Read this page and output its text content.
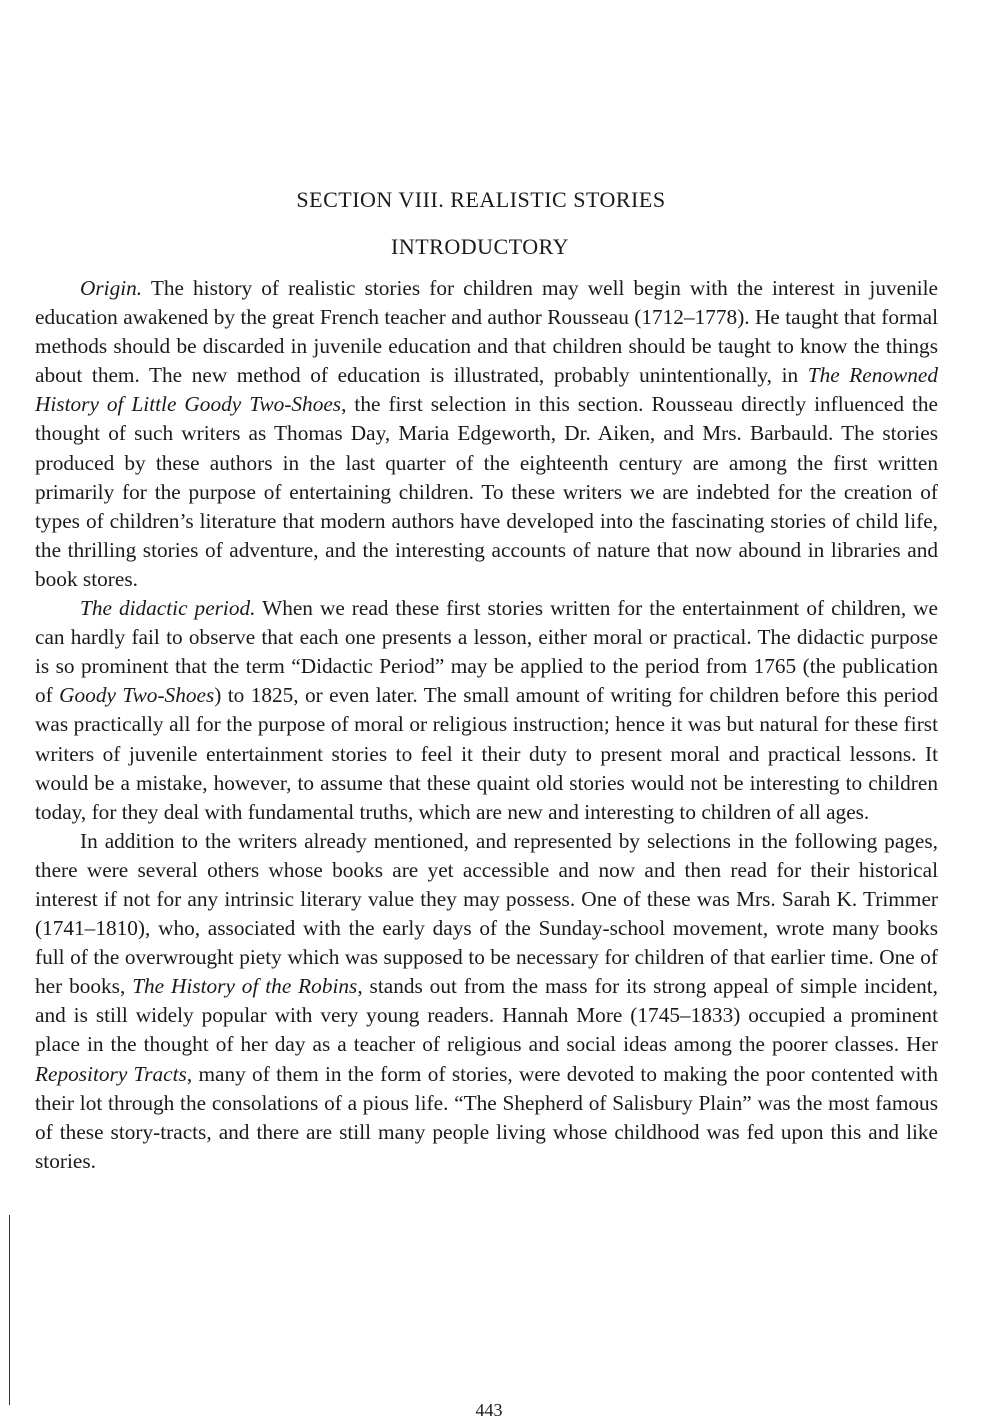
SECTION VIII. REALISTIC STORIES
INTRODUCTORY

Origin. The history of realistic stories for children may well begin with the interest in juvenile education awakened by the great French teacher and author Rousseau (1712–1778). He taught that formal methods should be discarded in juvenile education and that children should be taught to know the things about them. The new method of education is illustrated, probably unintentionally, in The Renowned History of Little Goody Two-Shoes, the first selection in this section. Rousseau directly influenced the thought of such writers as Thomas Day, Maria Edgeworth, Dr. Aiken, and Mrs. Barbauld. The stories produced by these authors in the last quarter of the eighteenth century are among the first written primarily for the purpose of entertaining children. To these writers we are indebted for the creation of types of children’s literature that modern authors have developed into the fascinating stories of child life, the thrilling stories of adventure, and the interesting accounts of nature that now abound in libraries and book stores.

The didactic period. When we read these first stories written for the entertainment of children, we can hardly fail to observe that each one presents a lesson, either moral or practical. The didactic purpose is so prominent that the term “Didactic Period” may be applied to the period from 1765 (the publication of Goody Two-Shoes) to 1825, or even later. The small amount of writing for children before this period was practically all for the purpose of moral or religious instruction; hence it was but natural for these first writers of juvenile entertainment stories to feel it their duty to present moral and practical lessons. It would be a mistake, however, to assume that these quaint old stories would not be interesting to children today, for they deal with fundamental truths, which are new and interesting to children of all ages.

In addition to the writers already mentioned, and represented by selections in the following pages, there were several others whose books are yet accessible and now and then read for their historical interest if not for any intrinsic literary value they may possess. One of these was Mrs. Sarah K. Trimmer (1741–1810), who, associated with the early days of the Sunday-school movement, wrote many books full of the overwrought piety which was supposed to be necessary for children of that earlier time. One of her books, The History of the Robins, stands out from the mass for its strong appeal of simple incident, and is still widely popular with very young readers. Hannah More (1745–1833) occupied a prominent place in the thought of her day as a teacher of religious and social ideas among the poorer classes. Her Repository Tracts, many of them in the form of stories, were devoted to making the poor contented with their lot through the consolations of a pious life. “The Shepherd of Salisbury Plain” was the most famous of these story-tracts, and there are still many people living whose childhood was fed upon this and like stories.

443
